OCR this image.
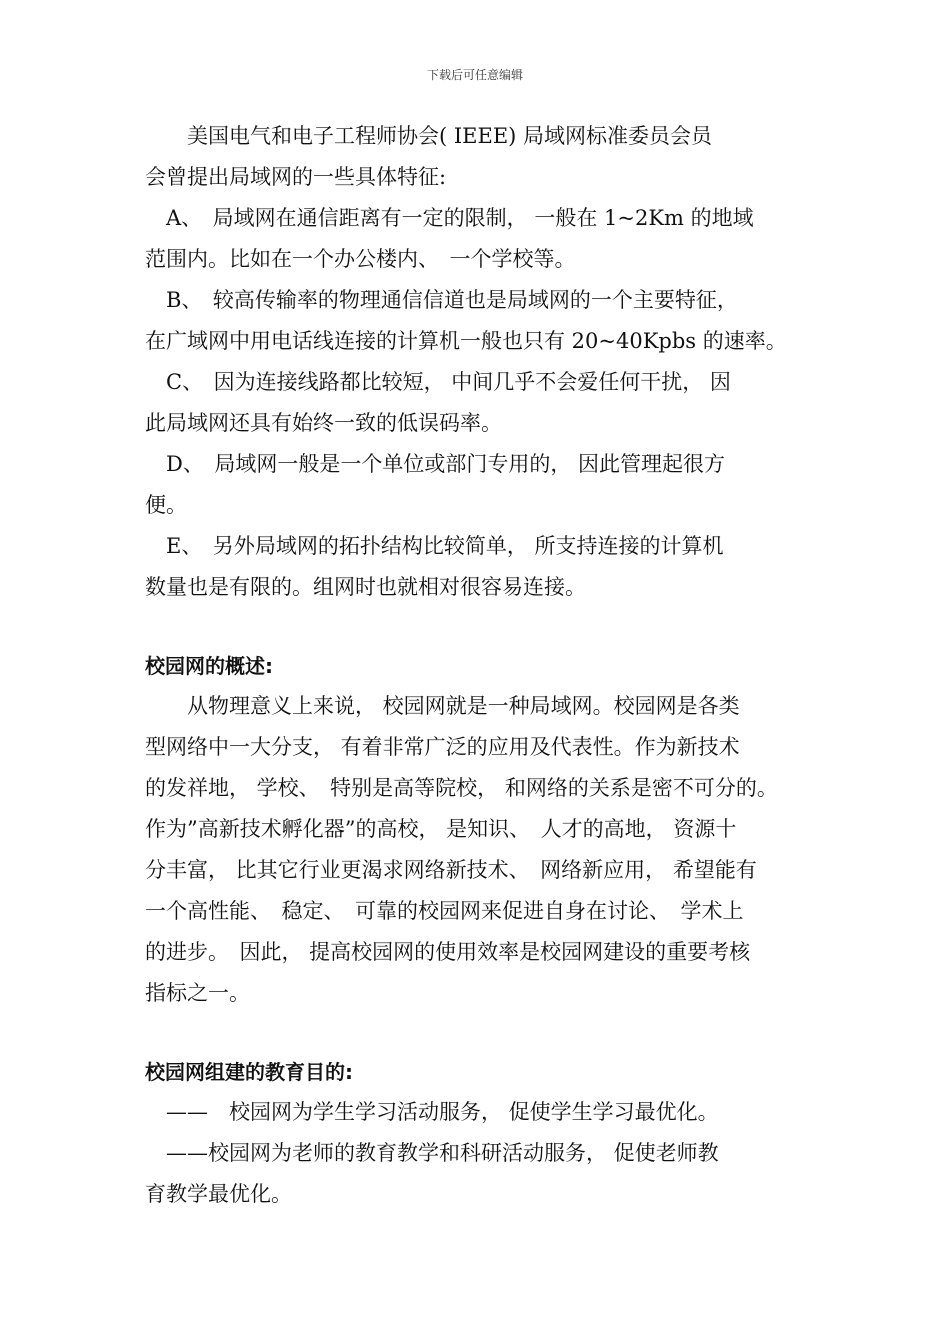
下载后可任意编辑
　　美国电气和电子工程师协会( IEEE) 局域网标准委员会员
会曾提出局域网的一些具体特征:
　A、　局域网在通信距离有一定的限制， 一般在 1~2Km 的地域
范围内。比如在一个办公楼内、　一个学校等。
　B、　较高传输率的物理通信信道也是局域网的一个主要特征，
在广域网中用电话线连接的计算机一般也只有 20~40Kpbs 的速率。
　C、　因为连接线路都比较短， 中间几乎不会爱任何干扰， 因
此局域网还具有始终一致的低误码率。
　D、　局域网一般是一个单位或部门专用的， 因此管理起很方
便。
　E、　另外局域网的拓扑结构比较简单， 所支持连接的计算机
数量也是有限的。组网时也就相对很容易连接。
校园网的概述:
　　从物理意义上来说， 校园网就是一种局域网。校园网是各类
型网络中一大分支， 有着非常广泛的应用及代表性。作为新技术
的发祥地， 学校、　特别是高等院校， 和网络的关系是密不可分的。
作为”高新技术孵化器”的高校， 是知识、　人才的高地， 资源十
分丰富， 比其它行业更渴求网络新技术、　网络新应用， 希望能有
一个高性能、　稳定、　可靠的校园网来促进自身在讨论、　学术上
的进步。　因此， 提高校园网的使用效率是校园网建设的重要考核
指标之一。
校园网组建的教育目的:
　——　校园网为学生学习活动服务， 促使学生学习最优化。
　——校园网为老师的教育教学和科研活动服务， 促使老师教
育教学最优化。
